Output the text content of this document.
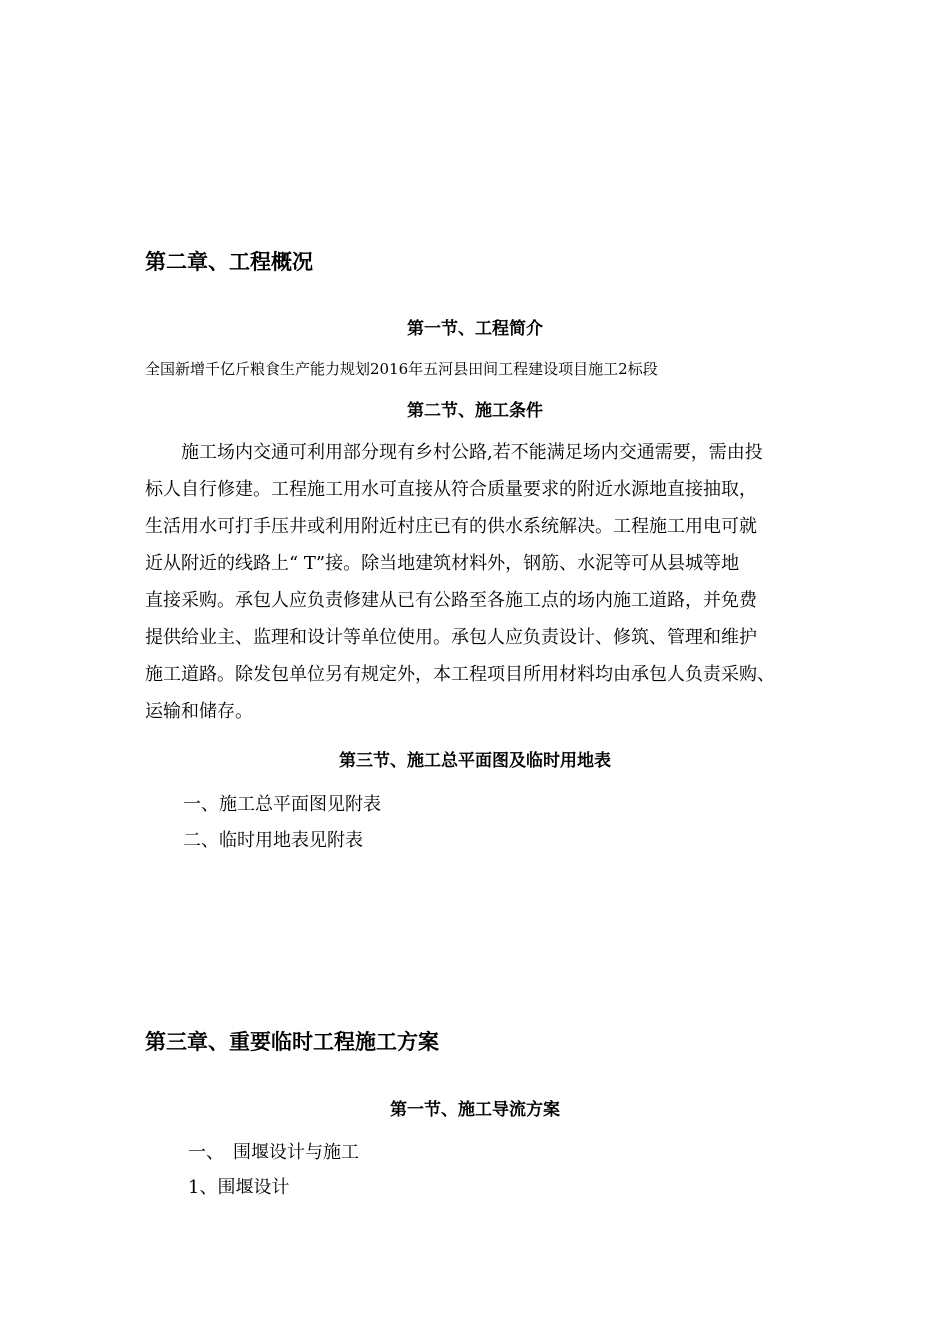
第二章、工程概况
第一节、工程简介
全国新增千亿斤粮食生产能力规划2016年五河县田间工程建设项目施工2标段
第二节、施工条件
　　施工场内交通可利用部分现有乡村公路,若不能满足场内交通需要，需由投
标人自行修建。工程施工用水可直接从符合质量要求的附近水源地直接抽取，
生活用水可打手压井或利用附近村庄已有的供水系统解决。工程施工用电可就
近从附近的线路上“ T”接。除当地建筑材料外，钢筋、水泥等可从县城等地
直接采购。承包人应负责修建从已有公路至各施工点的场内施工道路，并免费
提供给业主、监理和设计等单位使用。承包人应负责设计、修筑、管理和维护
施工道路。除发包单位另有规定外，本工程项目所用材料均由承包人负责采购、
运输和储存。
第三节、施工总平面图及临时用地表
一、施工总平面图见附表
二、临时用地表见附表
第三章、重要临时工程施工方案
第一节、施工导流方案
一、　围堰设计与施工
1、围堰设计
